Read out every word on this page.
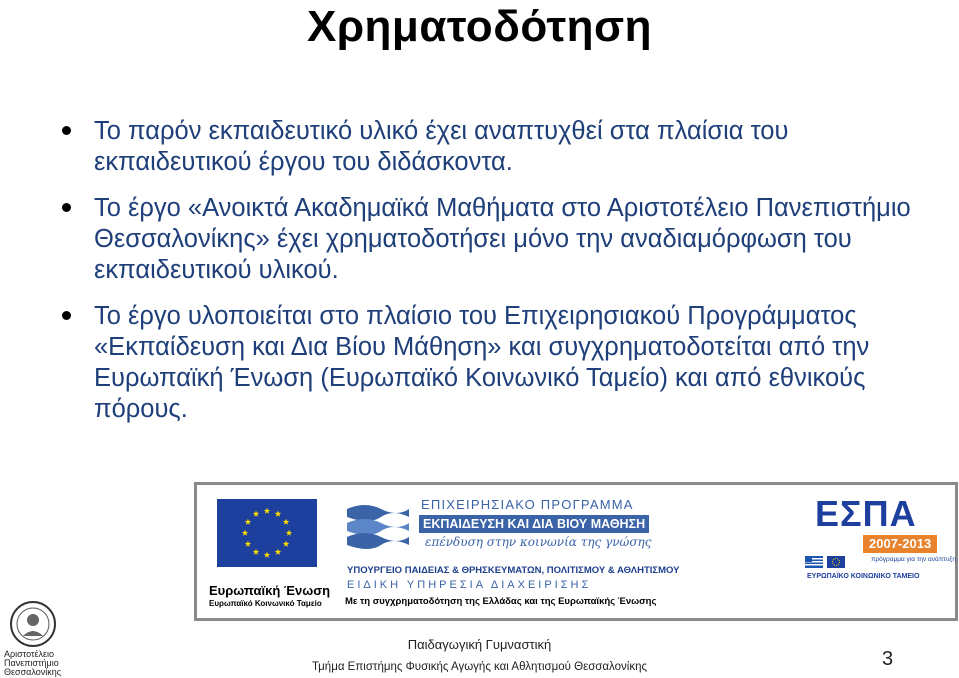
Χρηματοδότηση
Το παρόν εκπαιδευτικό υλικό έχει αναπτυχθεί στα πλαίσια του εκπαιδευτικού έργου του διδάσκοντα.
Το έργο «Ανοικτά Ακαδημαϊκά Μαθήματα στο Αριστοτέλειο Πανεπιστήμιο Θεσσαλονίκης» έχει χρηματοδοτήσει μόνο την αναδιαμόρφωση του εκπαιδευτικού υλικού.
Το έργο υλοποιείται στο πλαίσιο του Επιχειρησιακού Προγράμματος «Εκπαίδευση και Δια Βίου Μάθηση» και συγχρηματοδοτείται από την Ευρωπαϊκή Ένωση (Ευρωπαϊκό Κοινωνικό Ταμείο) και από εθνικούς πόρους.
Ευρωπαϊκή Ένωση
Ευρωπαϊκό Κοινωνικό Ταμείο
ΕΠΙΧΕΙΡΗΣΙΑΚΟ ΠΡΟΓΡΑΜΜΑ
ΕΚΠΑΙΔΕΥΣΗ ΚΑΙ ΔΙΑ ΒΙΟΥ ΜΑΘΗΣΗ
επένδυση στην κοινωνία της γνώσης
ΥΠΟΥΡΓΕΙΟ ΠΑΙΔΕΙΑΣ & ΘΡΗΣΚΕΥΜΑΤΩΝ, ΠΟΛΙΤΙΣΜΟΥ & ΑΘΛΗΤΙΣΜΟΥ
ΕΙΔΙΚΗ ΥΠΗΡΕΣΙΑ ΔΙΑΧΕΙΡΙΣΗΣ
ΕΣΠΑ
2007-2013
πρόγραμμα για την ανάπτυξη
ΕΥΡΩΠΑΪΚΟ ΚΟΙΝΩΝΙΚΟ ΤΑΜΕΙΟ
Με τη συγχρηματοδότηση της Ελλάδας και της Ευρωπαϊκής Ένωσης
Αριστοτέλειο
Πανεπιστήμιο
Θεσσαλονίκης
Παιδαγωγική Γυμναστική
Τμήμα Επιστήμης Φυσικής Αγωγής και Αθλητισμού Θεσσαλονίκης	3
